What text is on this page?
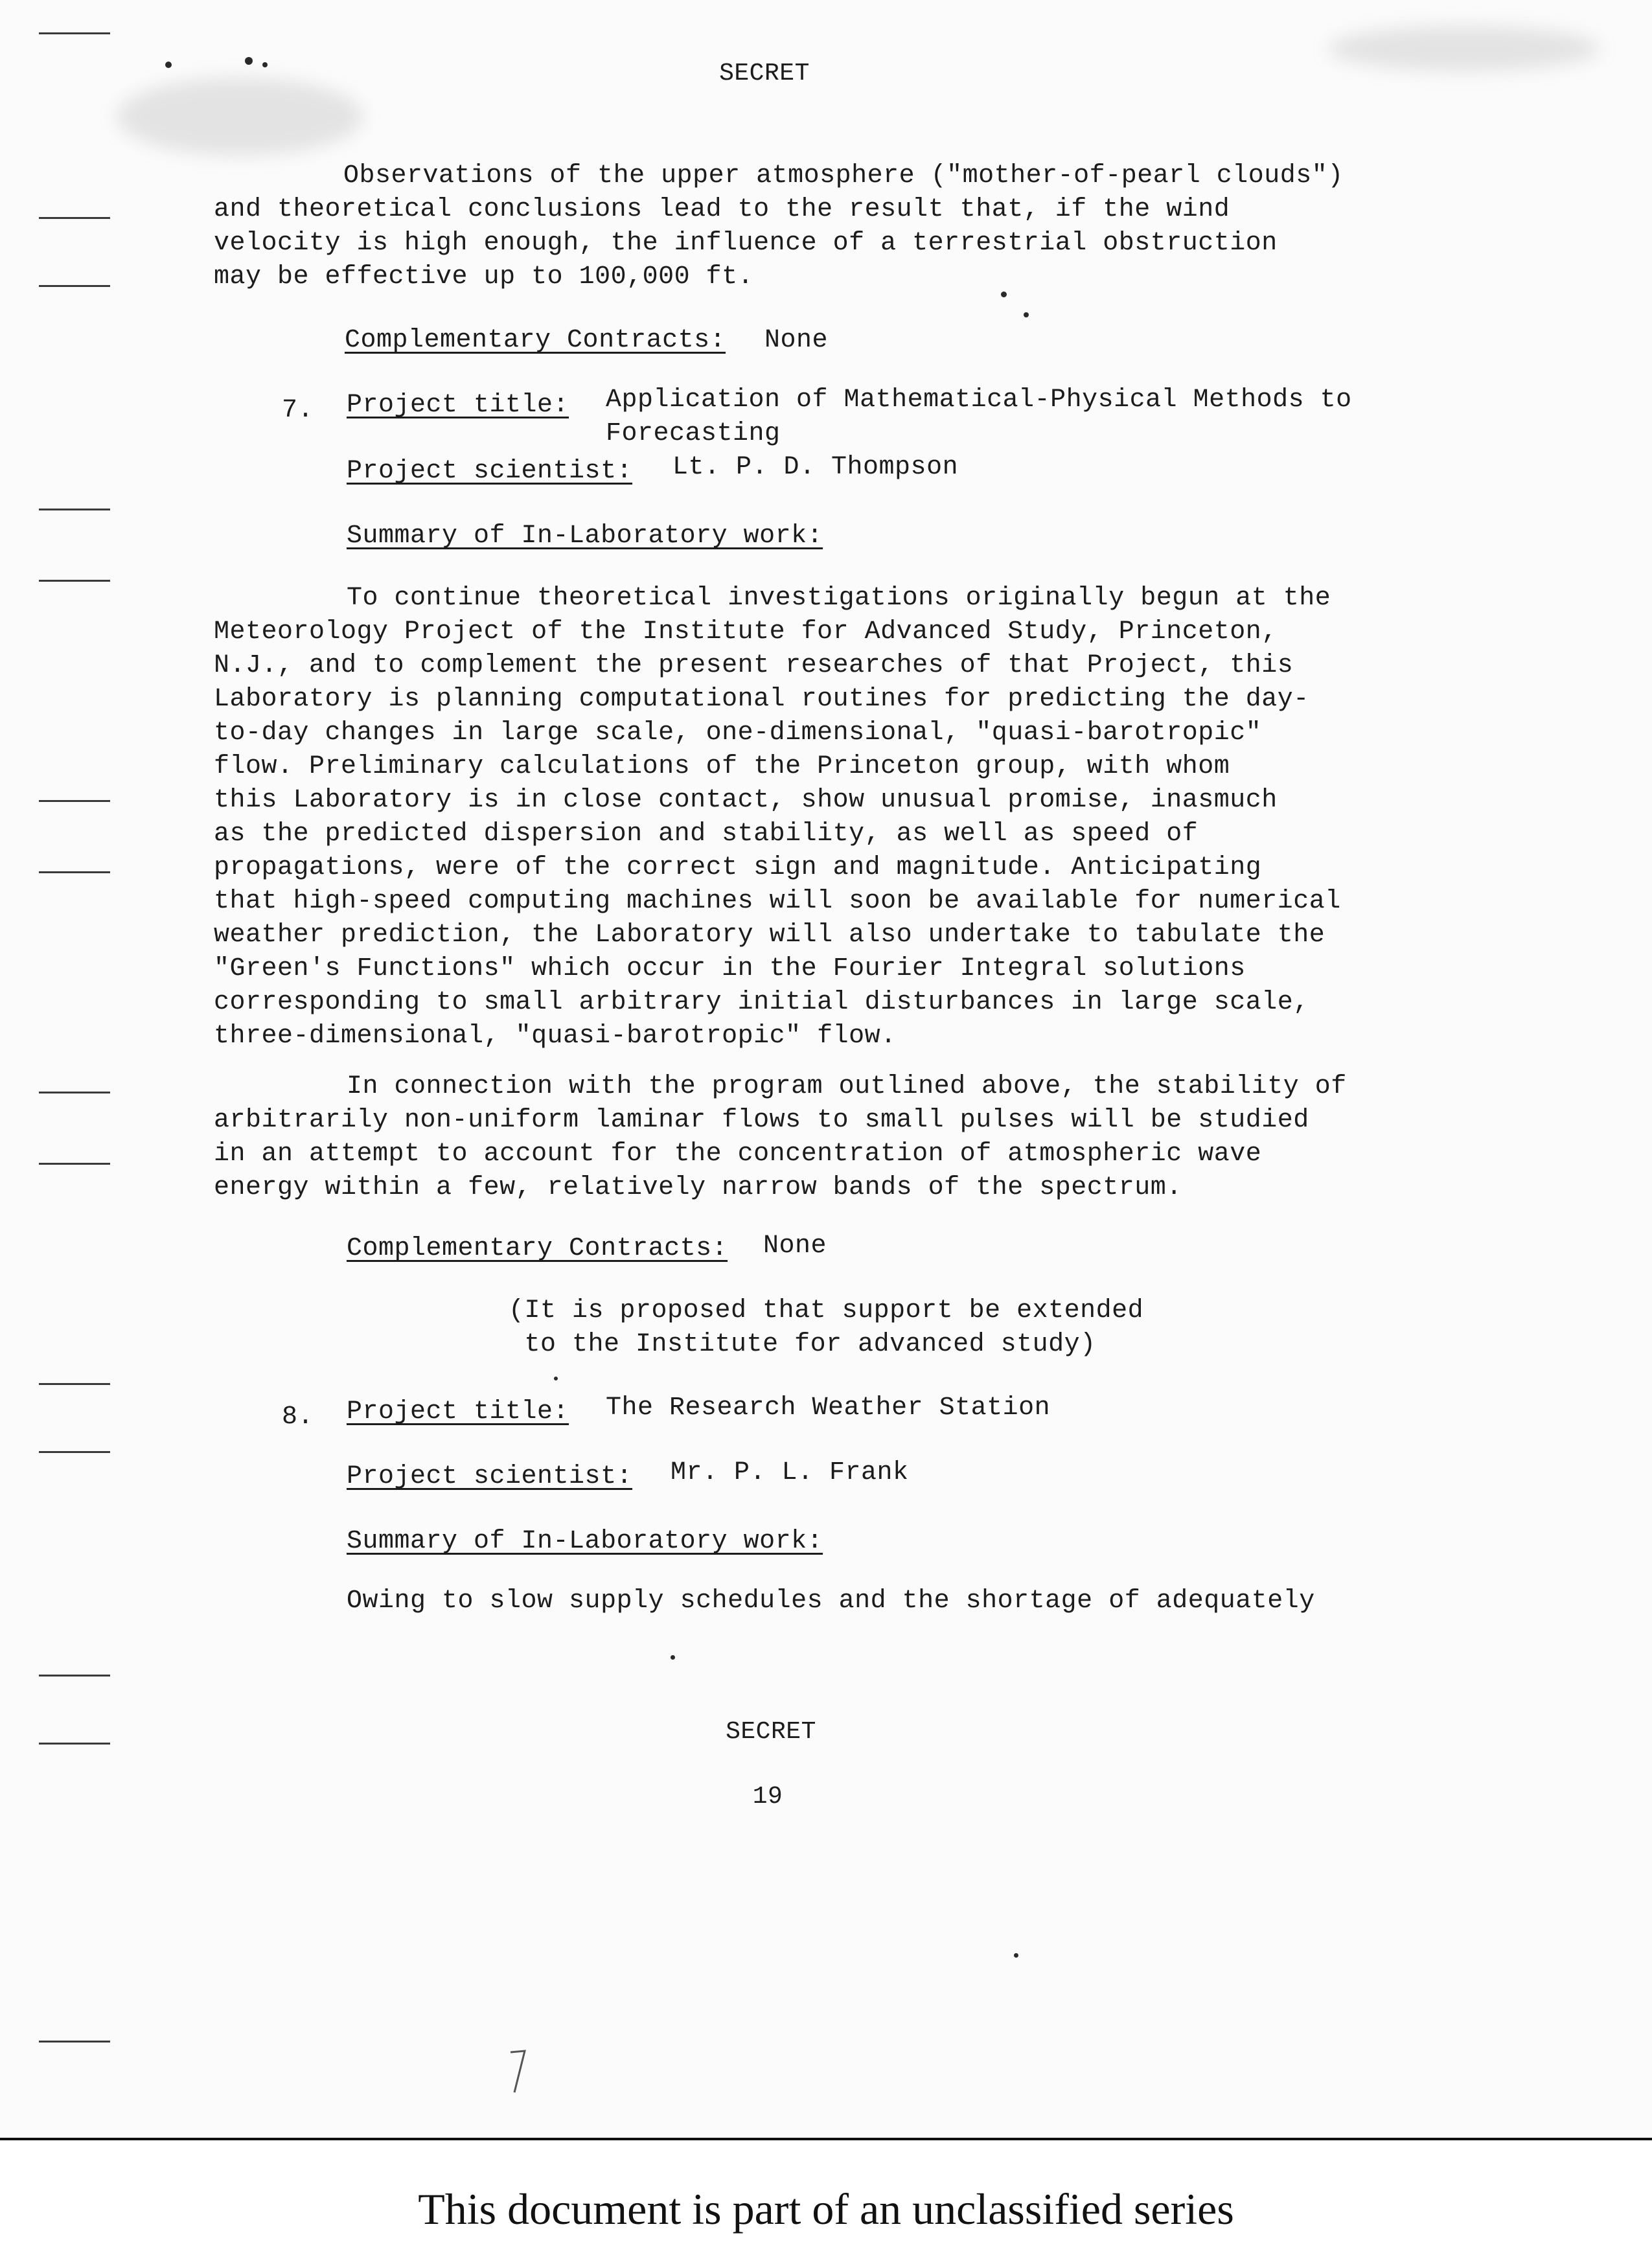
SECRET
Observations of the upper atmosphere ("mother-of-pearl clouds")
and theoretical conclusions lead to the result that, if the wind
velocity is high enough, the influence of a terrestrial obstruction
may be effective up to 100,000 ft.
Complementary Contracts: None
7. Project title: Application of Mathematical-Physical Methods to
Forecasting
Project scientist: Lt. P. D. Thompson
Summary of In-Laboratory work:
To continue theoretical investigations originally begun at the
Meteorology Project of the Institute for Advanced Study, Princeton,
N.J., and to complement the present researches of that Project, this
Laboratory is planning computational routines for predicting the day-
to-day changes in large scale, one-dimensional, "quasi-barotropic"
flow. Preliminary calculations of the Princeton group, with whom
this Laboratory is in close contact, show unusual promise, inasmuch
as the predicted dispersion and stability, as well as speed of
propagations, were of the correct sign and magnitude. Anticipating
that high-speed computing machines will soon be available for numerical
weather prediction, the Laboratory will also undertake to tabulate the
"Green's Functions" which occur in the Fourier Integral solutions
corresponding to small arbitrary initial disturbances in large scale,
three-dimensional, "quasi-barotropic" flow.
In connection with the program outlined above, the stability of
arbitrarily non-uniform laminar flows to small pulses will be studied
in an attempt to account for the concentration of atmospheric wave
energy within a few, relatively narrow bands of the spectrum.
Complementary Contracts: None
(It is proposed that support be extended
to the Institute for advanced study)
8. Project title: The Research Weather Station
Project scientist: Mr. P. L. Frank
Summary of In-Laboratory work:
Owing to slow supply schedules and the shortage of adequately
SECRET
19
This document is part of an unclassified series
